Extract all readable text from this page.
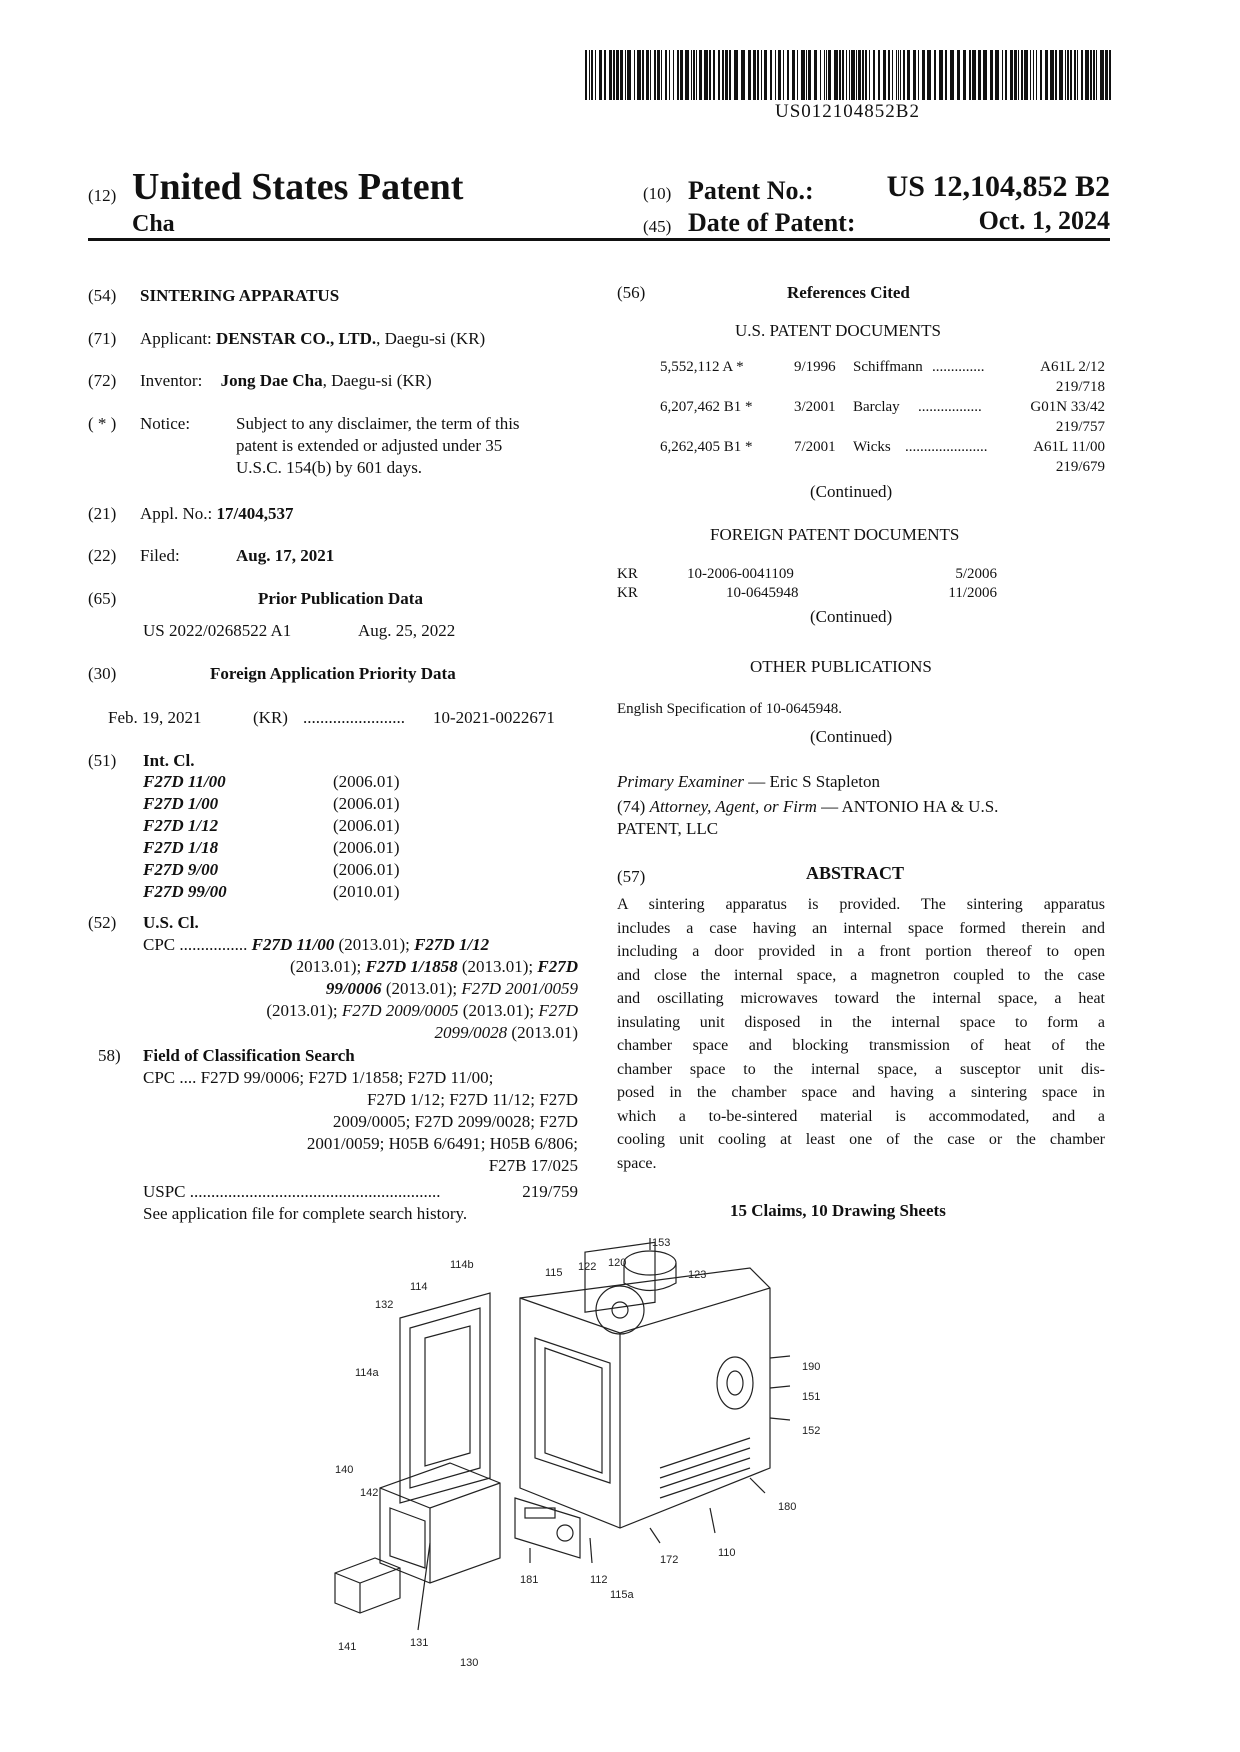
US012104852B2
(12) United States Patent
Cha
(10) Patent No.:	US 12,104,852 B2
(45) Date of Patent:	Oct. 1, 2024
(54) SINTERING APPARATUS
(71) Applicant: DENSTAR CO., LTD., Daegu-si (KR)
(72) Inventor: Jong Dae Cha, Daegu-si (KR)
( * ) Notice:	Subject to any disclaimer, the term of this
patent is extended or adjusted under 35
U.S.C. 154(b) by 601 days.
(21) Appl. No.: 17/404,537
(22) Filed:	Aug. 17, 2021
(65)	Prior Publication Data
US 2022/0268522 A1	Aug. 25, 2022
(30)	Foreign Application Priority Data
Feb. 19, 2021	(KR) ........................ 10-2021-0022671
(51) Int. Cl.
F27D 11/00	(2006.01)
F27D 1/00	(2006.01)
F27D 1/12	(2006.01)
F27D 1/18	(2006.01)
F27D 9/00	(2006.01)
F27D 99/00	(2010.01)
(52) U.S. Cl.
CPC ................ F27D 11/00 (2013.01); F27D 1/12
(2013.01); F27D 1/1858 (2013.01); F27D
99/0006 (2013.01); F27D 2001/0059
(2013.01); F27D 2009/0005 (2013.01); F27D
2099/0028 (2013.01)
58) Field of Classification Search
CPC .... F27D 99/0006; F27D 1/1858; F27D 11/00;
F27D 1/12; F27D 11/12; F27D
2009/0005; F27D 2099/0028; F27D
2001/0059; H05B 6/6491; H05B 6/806;
F27B 17/025
USPC ...........................................................	219/759
See application file for complete search history.
(56)	References Cited
U.S. PATENT DOCUMENTS
5,552,112 A *	9/1996 Schiffmann ..............	A61L 2/12
219/718
6,207,462 B1 *	3/2001 Barclay .................	G01N 33/42
219/757
6,262,405 B1 *	7/2001 Wicks ......................	A61L 11/00
219/679
(Continued)
FOREIGN PATENT DOCUMENTS
KR	10-2006-0041109	5/2006
KR	10-0645948	11/2006
(Continued)
OTHER PUBLICATIONS
English Specification of 10-0645948.
(Continued)
Primary Examiner — Eric S Stapleton
(74) Attorney, Agent, or Firm — ANTONIO HA & U.S.
PATENT, LLC
(57)	ABSTRACT
A sintering apparatus is provided. The sintering apparatus
includes a case having an internal space formed therein and
including a door provided in a front portion thereof to open
and close the internal space, a magnetron coupled to the case
and oscillating microwaves toward the internal space, a heat
insulating unit disposed in the internal space to form a
chamber space and blocking transmission of heat of the
chamber space to the internal space, a susceptor unit dis-
posed in the chamber space and having a sintering space in
which a to-be-sintered material is accommodated, and a
cooling unit cooling at least one of the case or the chamber
space.
15 Claims, 10 Drawing Sheets
153
115 122 120
123
114b
114
132
190
151
152
114a
140
142
180
181
110
141	131
172
112
115a
130
